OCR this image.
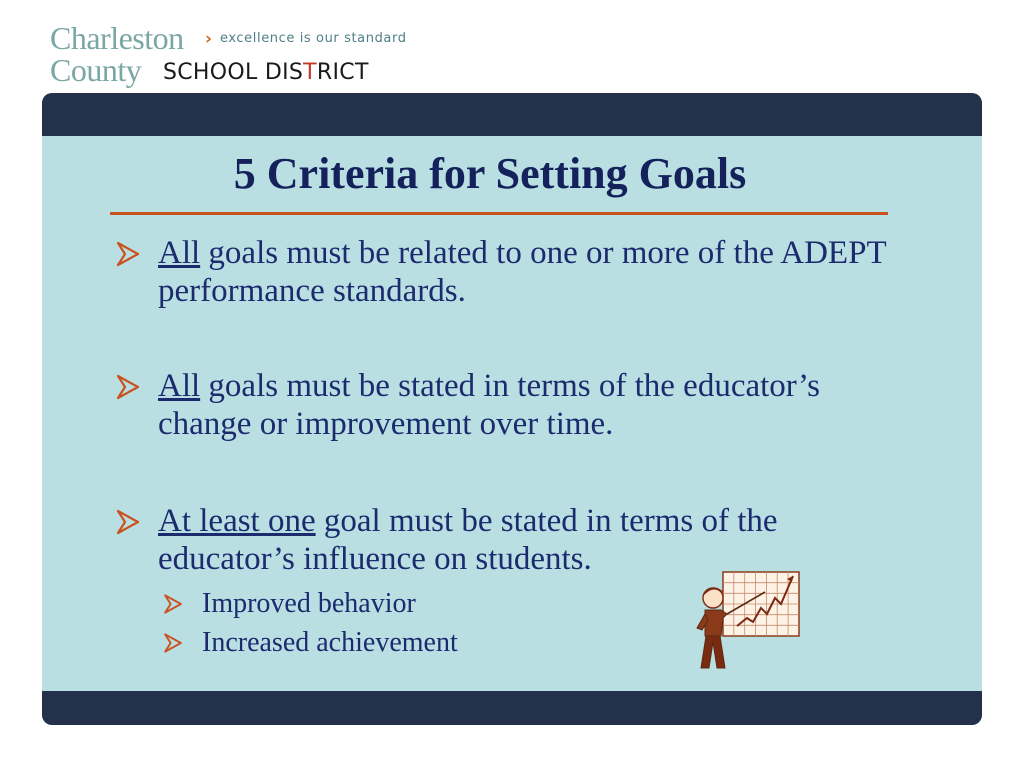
Charleston › excellence is our standard
County SCHOOL DISTRICT
5 Criteria for Setting Goals
All goals must be related to one or more of the ADEPT performance standards.
All goals must be stated in terms of the educator’s change or improvement over time.
At least one goal must be stated in terms of the educator’s influence on students.
Improved behavior
Increased achievement
